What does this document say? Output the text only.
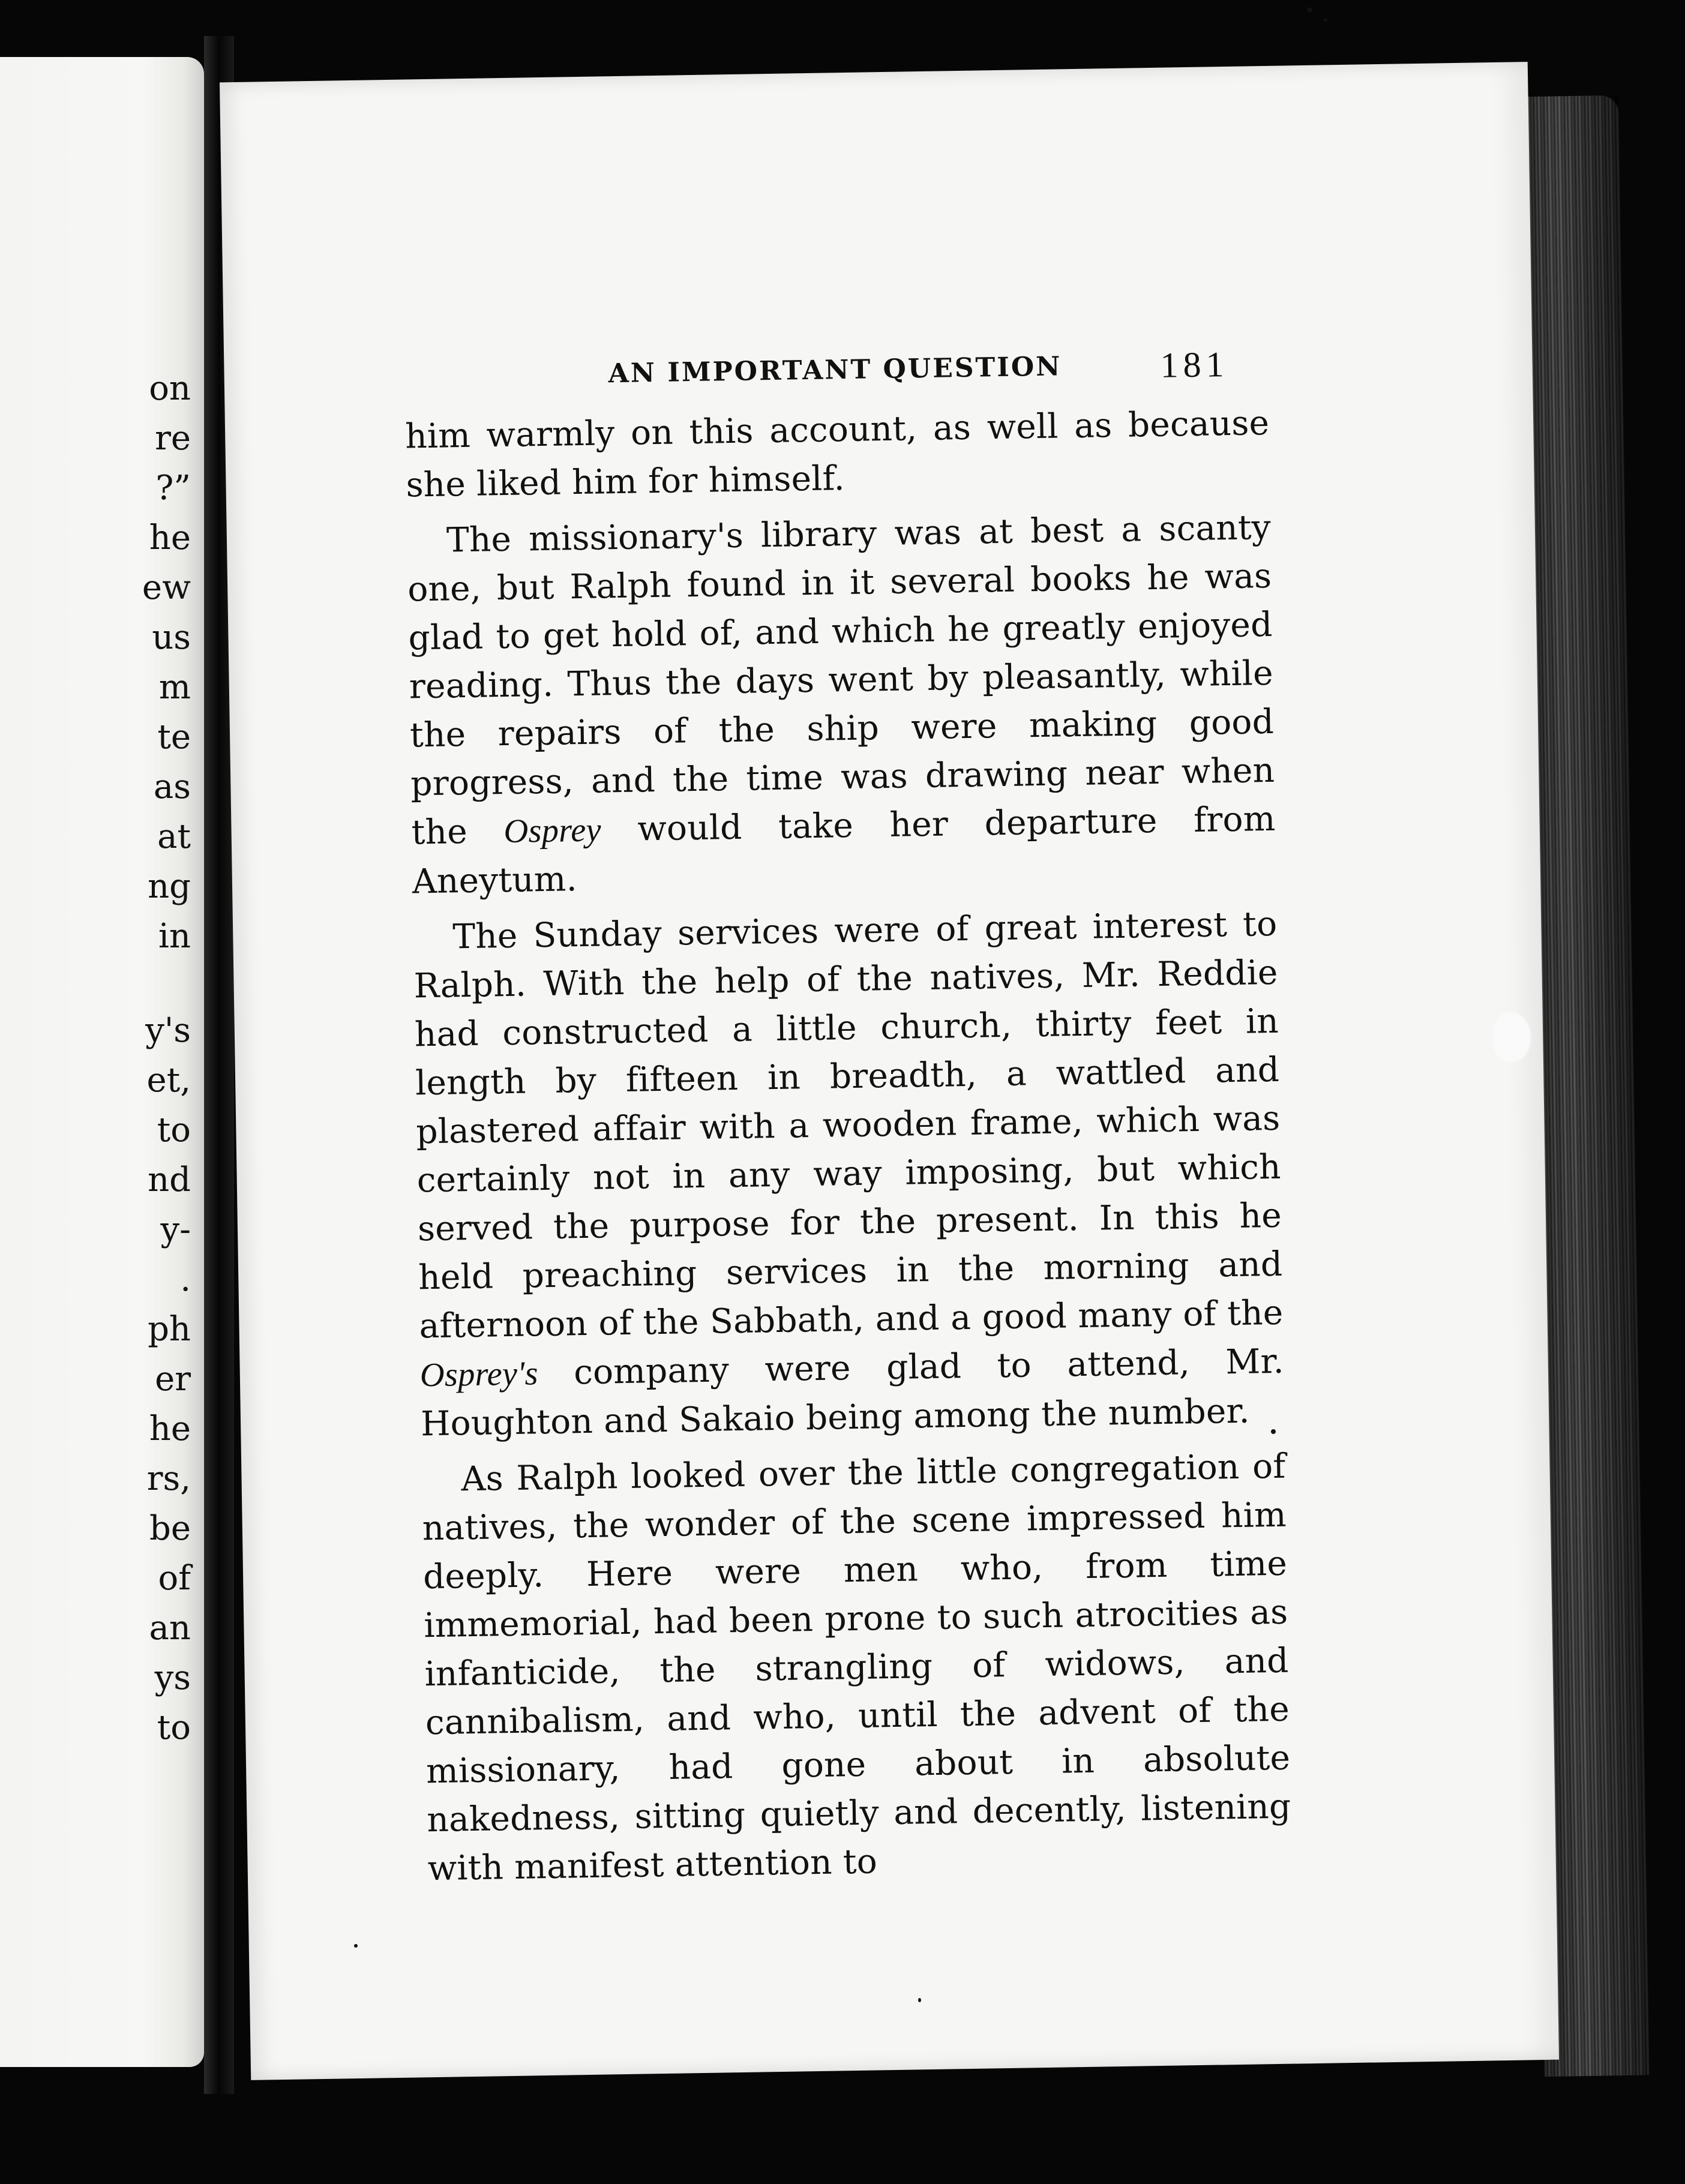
on
re
?”
he
ew
us
m
te
as
at
ng
in
y's
et,
to
nd
y-
.
ph
er
he
rs,
be
of
an
ys
to
AN IMPORTANT QUESTION	181

him warmly on this account, as well as because she liked him for himself.

The missionary's library was at best a scanty one, but Ralph found in it several books he was glad to get hold of, and which he greatly enjoyed reading. Thus the days went by pleasantly, while the repairs of the ship were making good progress, and the time was drawing near when the Osprey would take her departure from Aneytum.

The Sunday services were of great interest to Ralph. With the help of the natives, Mr. Reddie had constructed a little church, thirty feet in length by fifteen in breadth, a wattled and plastered affair with a wooden frame, which was certainly not in any way imposing, but which served the purpose for the present. In this he held preaching services in the morning and afternoon of the Sabbath, and a good many of the Osprey's company were glad to attend, Mr. Houghton and Sakaio being among the number.

As Ralph looked over the little congregation of natives, the wonder of the scene impressed him deeply. Here were men who, from time immemorial, had been prone to such atrocities as infanticide, the strangling of widows, and cannibalism, and who, until the advent of the missionary, had gone about in absolute nakedness, sitting quietly and decently, listening with manifest attention to
